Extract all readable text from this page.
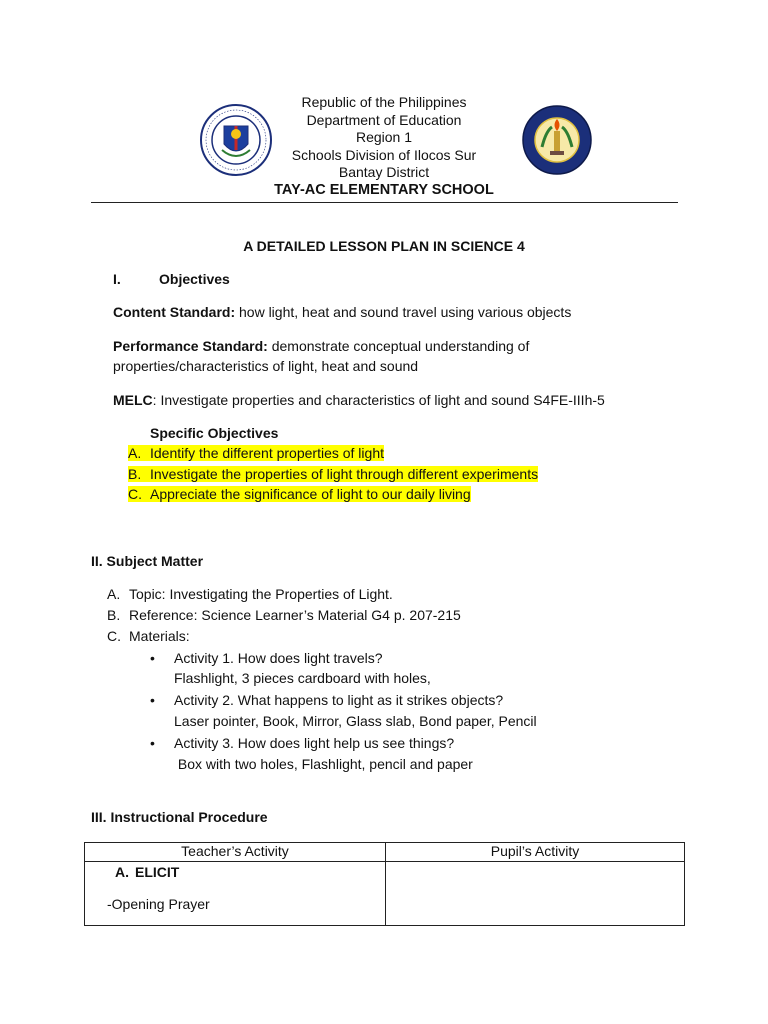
Republic of the Philippines
Department of Education
Region 1
Schools Division of Ilocos Sur
Bantay District
TAY-AC ELEMENTARY SCHOOL
A DETAILED LESSON PLAN IN SCIENCE 4
I.	Objectives
Content Standard: how light, heat and sound travel using various objects
Performance Standard: demonstrate conceptual understanding of
properties/characteristics of light, heat and sound
MELC: Investigate properties and characteristics of light and sound S4FE-IIIh-5
Specific Objectives
A. Identify the different properties of light
B. Investigate the properties of light through different experiments
C. Appreciate the significance of light to our daily living
II. Subject Matter
A. Topic: Investigating the Properties of Light.
B. Reference: Science Learner’s Material G4 p. 207-215
C. Materials:
• Activity 1. How does light travels?
Flashlight, 3 pieces cardboard with holes,
• Activity 2. What happens to light as it strikes objects?
Laser pointer, Book, Mirror, Glass slab, Bond paper, Pencil
• Activity 3. How does light help us see things?
Box with two holes, Flashlight, pencil and paper
III. Instructional Procedure
Teacher’s Activity	Pupil’s Activity

A. ELICIT
-Opening Prayer	
